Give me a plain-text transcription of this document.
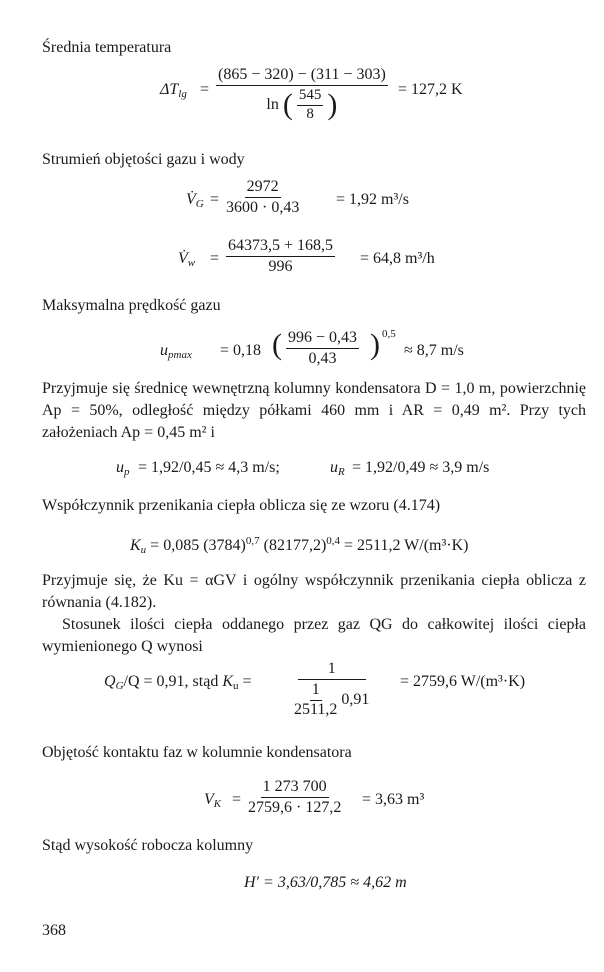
Średnia temperatura
$\Delta T_{lg}$ =
(865 − 320) − (311 − 303)
ln ( $\frac{545}{8}$ )	= 127,2 K
Strumień objętości gazu i wody
$V̇_G = \frac{2972}{3600 \cdot 0,43} = 1,92$ m³/s
$V̇_w = \frac{64373,5 + 168,5}{996} = 64,8$ m³/h
Maksymalna prędkość gazu
$u_{pmax} = 0,18$ ( $\frac{996 - 0,43}{0,43}$ ) 0,5
≈ 8,7 m/s
Przyjmuje się średnicę wewnętrzną kolumny kondensatora D = 1,0 m, powierzchnię Ap = 50%, odległość między półkami 460 mm i AR = 0,49 m². Przy tych założeniach Ap = 0,45 m² i
$u_p = 1,92/0,45 \approx 4,3$ m/s;	$u_R = 1,92/0,49 \approx 3,9$ m/s
Współczynnik przenikania ciepła oblicza się ze wzoru (4.174)
$K_u = 0,085$ $(3784)^{0,7}$ $(82177,2)^{0,4} = 2511,2$ W/(m³·K)
Przyjmuje się, że Ku = αGV i ogólny współczynnik przenikania ciepła oblicza z równania (4.182).
Stosunek ilości ciepła oddanego przez gaz QG do całkowitej ilości ciepła wymienionego Q wynosi
$Q_G/Q = 0,91$, stąd $K_u$ =	$\frac{1}{\frac{1}{2511,2} 0,91} = 2759,6$ W/(m³·K)
Objętość kontaktu faz w kolumnie kondensatora
$V_K = \frac{1 273 700}{2759,6 \cdot 127,2} = 3,63$ m³
Stąd wysokość robocza kolumny
H′ = 3,63/0,785 ≈ 4,62 m
368
